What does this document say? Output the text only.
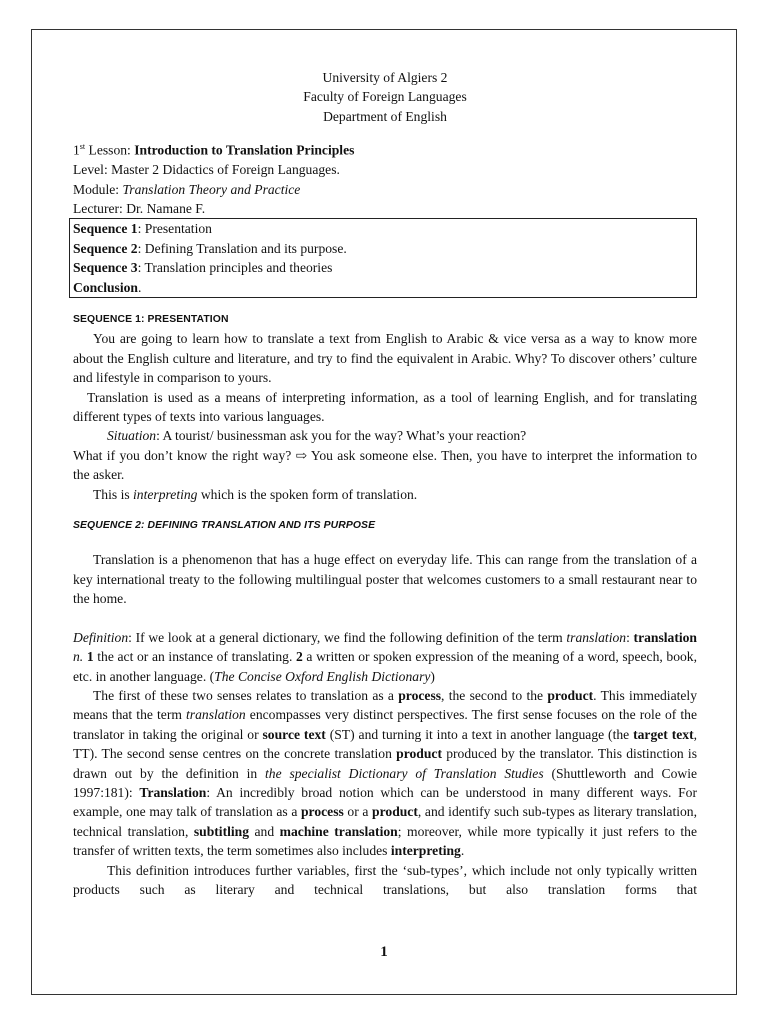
University of Algiers 2

Faculty of Foreign Languages

Department of English

1st Lesson: Introduction to Translation Principles

Level: Master 2 Didactics of Foreign Languages.

Module: Translation Theory and Practice

Lecturer: Dr. Namane F.

Sequence 1: Presentation

Sequence 2: Defining Translation and its purpose.

Sequence 3: Translation principles and theories

Conclusion.

SEQUENCE 1: PRESENTATION

You are going to learn how to translate a text from English to Arabic & vice versa as a way to know more about the English culture and literature, and try to find the equivalent in Arabic. Why? To discover others’ culture and lifestyle in comparison to yours.

Translation is used as a means of interpreting information, as a tool of learning English, and for translating different types of texts into various languages.

Situation: A tourist/ businessman ask you for the way? What’s your reaction?

What if you don’t know the right way? ⇨ You ask someone else. Then, you have to interpret the information to the asker.

This is interpreting which is the spoken form of translation.

SEQUENCE 2: DEFINING TRANSLATION AND ITS PURPOSE

Translation is a phenomenon that has a huge effect on everyday life. This can range from the translation of a key international treaty to the following multilingual poster that welcomes customers to a small restaurant near to the home.

Definition: If we look at a general dictionary, we find the following definition of the term translation: translation n. 1 the act or an instance of translating. 2 a written or spoken expression of the meaning of a word, speech, book, etc. in another language. (The Concise Oxford English Dictionary)

The first of these two senses relates to translation as a process, the second to the product. This immediately means that the term translation encompasses very distinct perspectives. The first sense focuses on the role of the translator in taking the original or source text (ST) and turning it into a text in another language (the target text, TT). The second sense centres on the concrete translation product produced by the translator. This distinction is drawn out by the definition in the specialist Dictionary of Translation Studies (Shuttleworth and Cowie 1997:181): Translation: An incredibly broad notion which can be understood in many different ways. For example, one may talk of translation as a process or a product, and identify such sub-types as literary translation, technical translation, subtitling and machine translation; moreover, while more typically it just refers to the transfer of written texts, the term sometimes also includes interpreting.

This definition introduces further variables, first the ‘sub-types’, which include not only typically written products such as literary and technical translations, but also translation forms that

1
